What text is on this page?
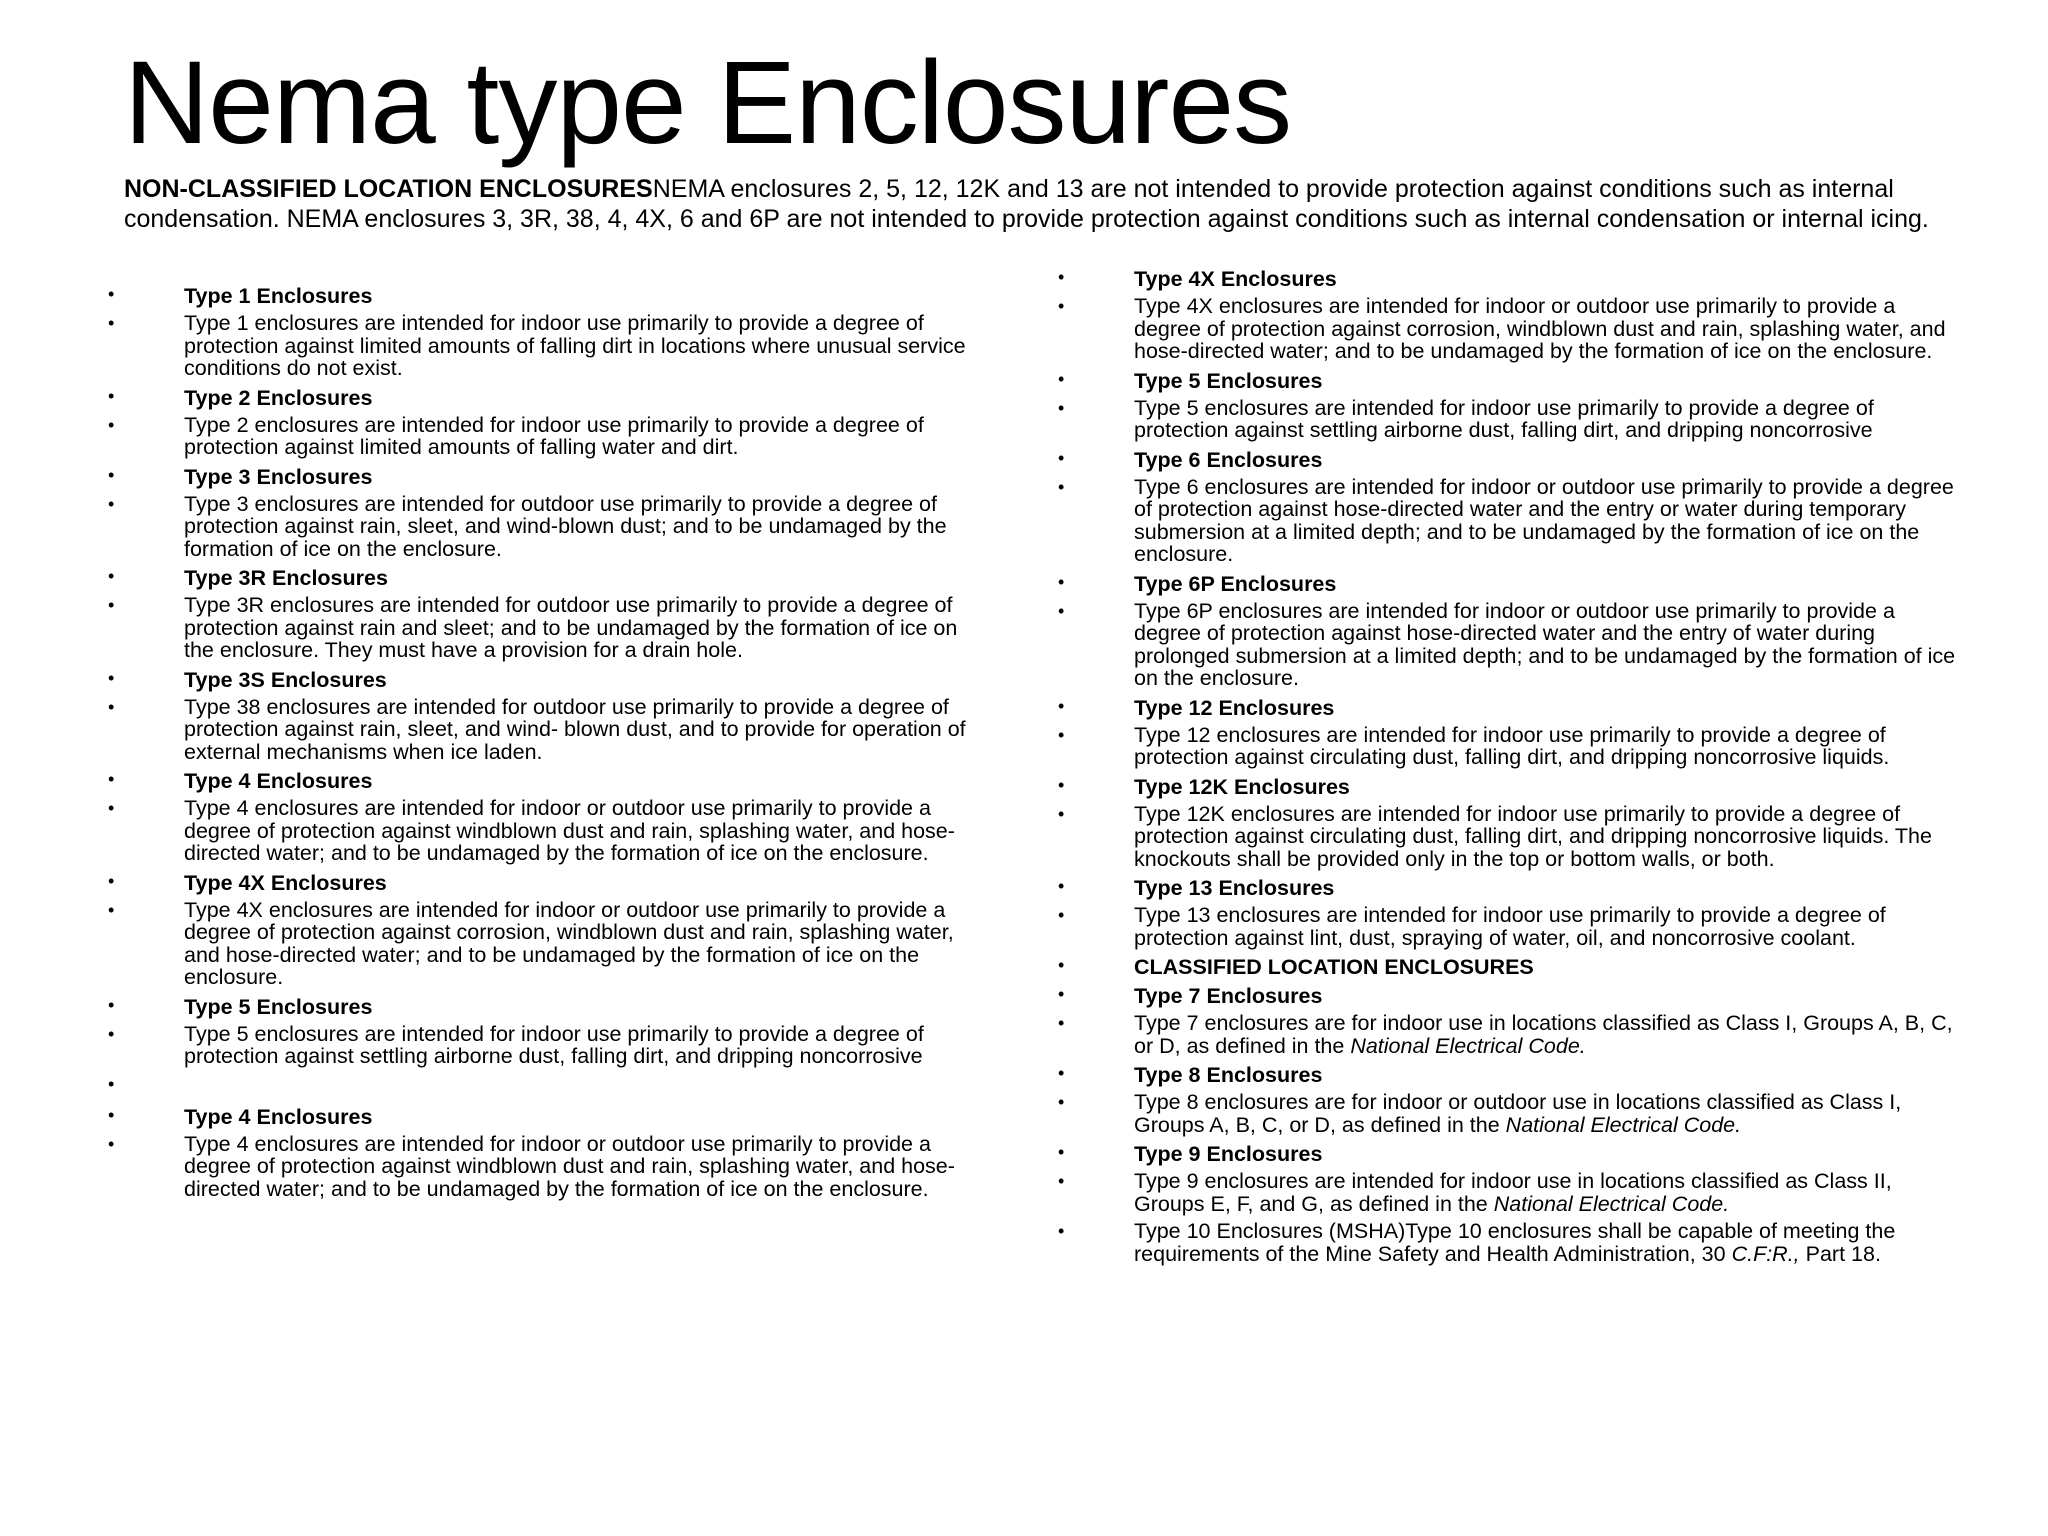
Nema type Enclosures

NON-CLASSIFIED LOCATION ENCLOSURESNEMA enclosures 2, 5, 12, 12K and 13 are not intended to provide protection against conditions such as internal condensation. NEMA enclosures 3, 3R, 38, 4, 4X, 6 and 6P are not intended to provide protection against conditions such as internal condensation or internal icing.

•	Type 1 Enclosures
•	Type 1 enclosures are intended for indoor use primarily to provide a degree of protection against limited amounts of falling dirt in locations where unusual service conditions do not exist.
•	Type 2 Enclosures
•	Type 2 enclosures are intended for indoor use primarily to provide a degree of protection against limited amounts of falling water and dirt.
•	Type 3 Enclosures
•	Type 3 enclosures are intended for outdoor use primarily to provide a degree of protection against rain, sleet, and wind-blown dust; and to be undamaged by the formation of ice on the enclosure.
•	Type 3R Enclosures
•	Type 3R enclosures are intended for outdoor use primarily to provide a degree of protection against rain and sleet; and to be undamaged by the formation of ice on the enclosure. They must have a provision for a drain hole.
•	Type 3S Enclosures
•	Type 38 enclosures are intended for outdoor use primarily to provide a degree of protection against rain, sleet, and wind- blown dust, and to provide for operation of external mechanisms when ice laden.
•	Type 4 Enclosures
•	Type 4 enclosures are intended for indoor or outdoor use primarily to provide a degree of protection against windblown dust and rain, splashing water, and hose-directed water; and to be undamaged by the formation of ice on the enclosure.
•	Type 4X Enclosures
•	Type 4X enclosures are intended for indoor or outdoor use primarily to provide a degree of protection against corrosion, windblown dust and rain, splashing water, and hose-directed water; and to be undamaged by the formation of ice on the enclosure.
•	Type 5 Enclosures
•	Type 5 enclosures are intended for indoor use primarily to provide a degree of protection against settling airborne dust, falling dirt, and dripping noncorrosive
•
•	Type 4 Enclosures
•	Type 4 enclosures are intended for indoor or outdoor use primarily to provide a degree of protection against windblown dust and rain, splashing water, and hose-directed water; and to be undamaged by the formation of ice on the enclosure.
•	Type 4X Enclosures
•	Type 4X enclosures are intended for indoor or outdoor use primarily to provide a degree of protection against corrosion, windblown dust and rain, splashing water, and hose-directed water; and to be undamaged by the formation of ice on the enclosure.
•	Type 5 Enclosures
•	Type 5 enclosures are intended for indoor use primarily to provide a degree of protection against settling airborne dust, falling dirt, and dripping noncorrosive
•	Type 6 Enclosures
•	Type 6 enclosures are intended for indoor or outdoor use primarily to provide a degree of protection against hose-directed water and the entry or water during temporary submersion at a limited depth; and to be undamaged by the formation of ice on the enclosure.
•	Type 6P Enclosures
•	Type 6P enclosures are intended for indoor or outdoor use primarily to provide a degree of protection against hose-directed water and the entry of water during prolonged submersion at a limited depth; and to be undamaged by the formation of ice on the enclosure.
•	Type 12 Enclosures
•	Type 12 enclosures are intended for indoor use primarily to provide a degree of protection against circulating dust, falling dirt, and dripping noncorrosive liquids.
•	Type 12K Enclosures
•	Type 12K enclosures are intended for indoor use primarily to provide a degree of protection against circulating dust, falling dirt, and dripping noncorrosive liquids. The knockouts shall be provided only in the top or bottom walls, or both.
•	Type 13 Enclosures
•	Type 13 enclosures are intended for indoor use primarily to provide a degree of protection against lint, dust, spraying of water, oil, and noncorrosive coolant.
•	CLASSIFIED LOCATION ENCLOSURES
•	Type 7 Enclosures
•	Type 7 enclosures are for indoor use in locations classified as Class I, Groups A, B, C, or D, as defined in the National Electrical Code.
•	Type 8 Enclosures
•	Type 8 enclosures are for indoor or outdoor use in locations classified as Class I, Groups A, B, C, or D, as defined in the National Electrical Code.
•	Type 9 Enclosures
•	Type 9 enclosures are intended for indoor use in locations classified as Class II, Groups E, F, and G, as defined in the National Electrical Code.
•	Type 10 Enclosures (MSHA)Type 10 enclosures shall be capable of meeting the requirements of the Mine Safety and Health Administration, 30 C.F:R., Part 18.
